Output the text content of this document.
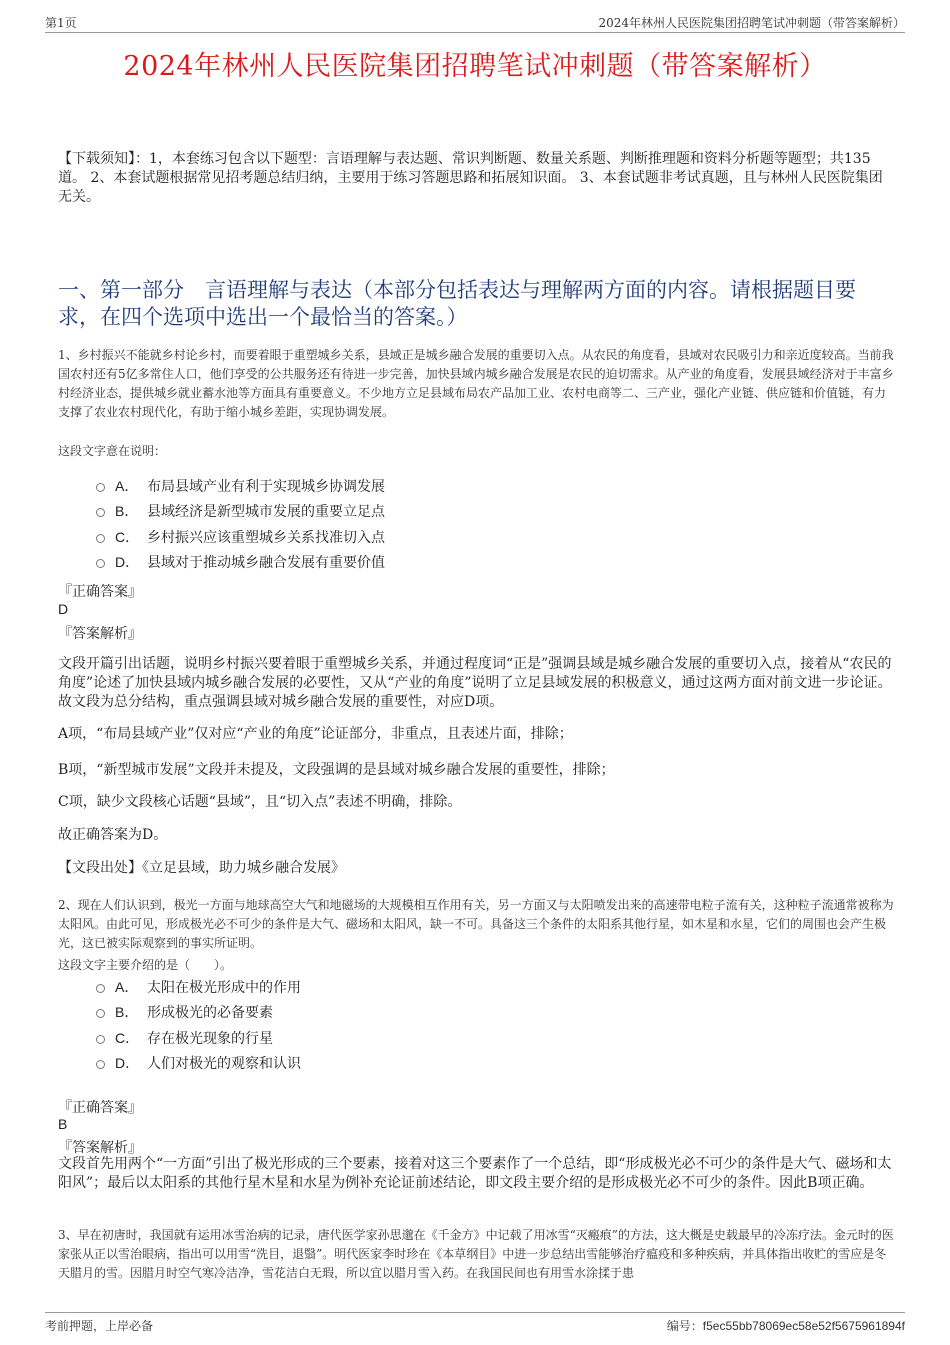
第1页	2024年林州人民医院集团招聘笔试冲刺题（带答案解析）
2024年林州人民医院集团招聘笔试冲刺题（带答案解析）
【下载须知】：1，本套练习包含以下题型：言语理解与表达题、常识判断题、数量关系题、判断推理题和资料分析题等题型；共135道。 2、本套试题根据常见招考题总结归纳，主要用于练习答题思路和拓展知识面。 3、本套试题非考试真题，且与林州人民医院集团无关。
一、第一部分　言语理解与表达（本部分包括表达与理解两方面的内容。请根据题目要求，在四个选项中选出一个最恰当的答案。）
1、乡村振兴不能就乡村论乡村，而要着眼于重塑城乡关系，县域正是城乡融合发展的重要切入点。从农民的角度看，县域对农民吸引力和亲近度较高。当前我国农村还有5亿多常住人口，他们享受的公共服务还有待进一步完善，加快县域内城乡融合发展是农民的迫切需求。从产业的角度看，发展县域经济对于丰富乡村经济业态，提供城乡就业蓄水池等方面具有重要意义。不少地方立足县域布局农产品加工业、农村电商等二、三产业，强化产业链、供应链和价值链，有力支撑了农业农村现代化，有助于缩小城乡差距，实现协调发展。
这段文字意在说明：
A． 布局县域产业有利于实现城乡协调发展
B． 县域经济是新型城市发展的重要立足点
C． 乡村振兴应该重塑城乡关系找准切入点
D． 县域对于推动城乡融合发展有重要价值
『正确答案』
D
『答案解析』
文段开篇引出话题，说明乡村振兴要着眼于重塑城乡关系，并通过程度词“正是”强调县域是城乡融合发展的重要切入点，接着从“农民的角度”论述了加快县域内城乡融合发展的必要性，又从“产业的角度”说明了立足县域发展的积极意义，通过这两方面对前文进一步论证。故文段为总分结构，重点强调县域对城乡融合发展的重要性，对应D项。
A项，“布局县域产业”仅对应“产业的角度”论证部分，非重点，且表述片面，排除；
B项，“新型城市发展”文段并未提及，文段强调的是县域对城乡融合发展的重要性，排除；
C项，缺少文段核心话题“县域”，且“切入点”表述不明确，排除。
故正确答案为D。
【文段出处】《立足县域，助力城乡融合发展》
2、现在人们认识到，极光一方面与地球高空大气和地磁场的大规模相互作用有关，另一方面又与太阳喷发出来的高速带电粒子流有关，这种粒子流通常被称为太阳风。由此可见，形成极光必不可少的条件是大气、磁场和太阳风，缺一不可。具备这三个条件的太阳系其他行星，如木星和水星，它们的周围也会产生极光，这已被实际观察到的事实所证明。
这段文字主要介绍的是（　　）。
A． 太阳在极光形成中的作用
B． 形成极光的必备要素
C． 存在极光现象的行星
D． 人们对极光的观察和认识
『正确答案』
B
『答案解析』
文段首先用两个“一方面”引出了极光形成的三个要素，接着对这三个要素作了一个总结，即“形成极光必不可少的条件是大气、磁场和太阳风”；最后以太阳系的其他行星木星和水星为例补充论证前述结论，即文段主要介绍的是形成极光必不可少的条件。因此B项正确。
3、早在初唐时，我国就有运用冰雪治病的记录，唐代医学家孙思邈在《千金方》中记载了用冰雪“灭瘢痕”的方法，这大概是史载最早的冷冻疗法。金元时的医家张从正以雪治眼病，指出可以用雪“洗目，退翳”。明代医家李时珍在《本草纲目》中进一步总结出雪能够治疗瘟疫和多种疾病，并具体指出收贮的雪应是冬天腊月的雪。因腊月时空气寒冷洁净，雪花洁白无瑕，所以宜以腊月雪入药。在我国民间也有用雪水涂揉于患
考前押题，上岸必备	编号：f5ec55bb78069ec58e52f5675961894f
